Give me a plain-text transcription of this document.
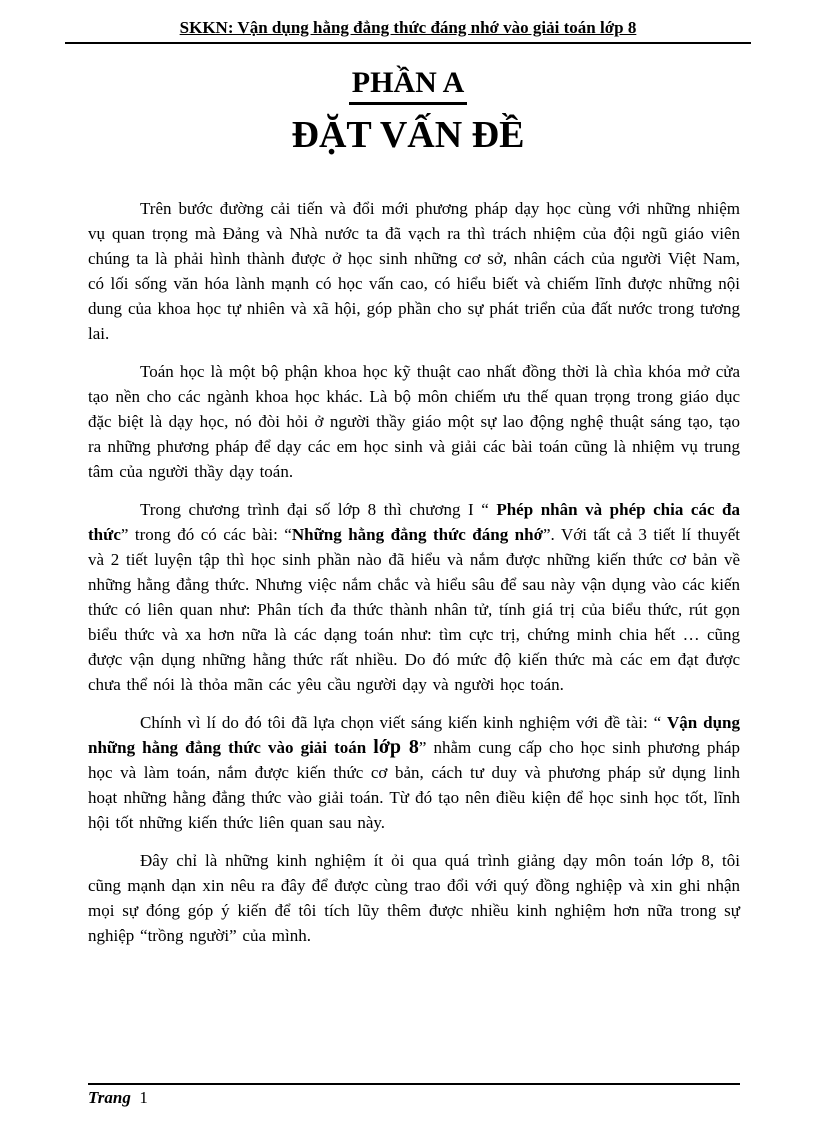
SKKN: Vận dụng hằng đẳng thức đáng nhớ vào giải toán lớp 8
PHẦN A
ĐẶT VẤN ĐỀ

Trên bước đường cải tiến và đổi mới phương pháp dạy học cùng với những nhiệm vụ quan trọng mà Đảng và Nhà nước ta đã vạch ra thì trách nhiệm của đội ngũ giáo viên chúng ta là phải hình thành được ở học sinh những cơ sở, nhân cách của người Việt Nam, có lối sống văn hóa lành mạnh có học vấn cao, có hiểu biết và chiếm lĩnh được những nội dung của khoa học tự nhiên và xã hội, góp phần cho sự phát triển của đất nước trong tương lai.

Toán học là một bộ phận khoa học kỹ thuật cao nhất đồng thời là chìa khóa mở cửa tạo nền cho các ngành khoa học khác. Là bộ môn chiếm ưu thế quan trọng trong giáo dục đặc biệt là dạy học, nó đòi hỏi ở người thầy giáo một sự lao động nghệ thuật sáng tạo, tạo ra những phương pháp để dạy các em học sinh và giải các bài toán cũng là nhiệm vụ trung tâm của người thầy dạy toán.

Trong chương trình đại số lớp 8 thì chương I “ Phép nhân và phép chia các đa thức” trong đó có các bài: “Những hằng đẳng thức đáng nhớ”. Với tất cả 3 tiết lí thuyết và 2 tiết luyện tập thì học sinh phần nào đã hiểu và nắm được những kiến thức cơ bản về những hằng đẳng thức. Nhưng việc nắm chắc và hiểu sâu để sau này vận dụng vào các kiến thức có liên quan như: Phân tích đa thức thành nhân tử, tính giá trị của biểu thức, rút gọn biểu thức và xa hơn nữa là các dạng toán như: tìm cực trị, chứng minh chia hết … cũng được vận dụng những hằng thức rất nhiều. Do đó mức độ kiến thức mà các em đạt được chưa thể nói là thỏa mãn các yêu cầu người dạy và người học toán.

Chính vì lí do đó tôi đã lựa chọn viết sáng kiến kinh nghiệm với đề tài: “ Vận dụng những hằng đẳng thức vào giải toán lớp 8” nhằm cung cấp cho học sinh phương pháp học và làm toán, nắm được kiến thức cơ bản, cách tư duy và phương pháp sử dụng linh hoạt những hằng đẳng thức vào giải toán. Từ đó tạo nên điều kiện để học sinh học tốt, lĩnh hội tốt những kiến thức liên quan sau này.

Đây chỉ là những kinh nghiệm ít ỏi qua quá trình giảng dạy môn toán lớp 8, tôi cũng mạnh dạn xin nêu ra đây để được cùng trao đổi với quý đồng nghiệp và xin ghi nhận mọi sự đóng góp ý kiến để tôi tích lũy thêm được nhiều kinh nghiệm hơn nữa trong sự nghiệp “trồng người” của mình.

Trang 1
